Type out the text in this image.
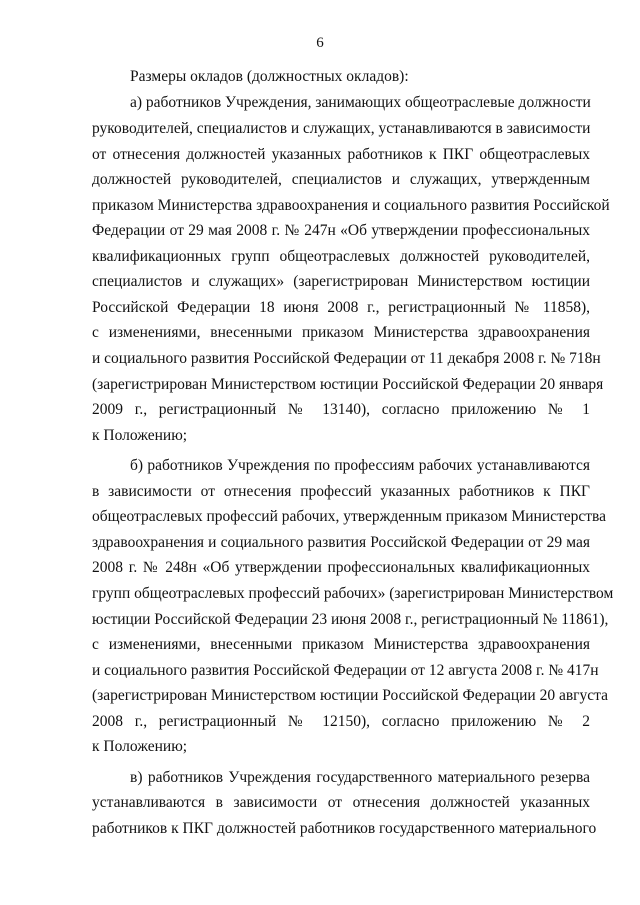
6
Размеры окладов (должностных окладов):
а) работников Учреждения, занимающих общеотраслевые должности
руководителей, специалистов и служащих, устанавливаются в зависимости
от отнесения должностей указанных работников к ПКГ общеотраслевых
должностей руководителей, специалистов и служащих, утвержденным
приказом Министерства здравоохранения и социального развития Российской
Федерации от 29 мая 2008 г. № 247н «Об утверждении профессиональных
квалификационных групп общеотраслевых должностей руководителей,
специалистов и служащих» (зарегистрирован Министерством юстиции
Российской Федерации 18 июня 2008 г., регистрационный № 11858),
с изменениями, внесенными приказом Министерства здравоохранения
и социального развития Российской Федерации от 11 декабря 2008 г. № 718н
(зарегистрирован Министерством юстиции Российской Федерации 20 января
2009 г., регистрационный № 13140), согласно приложению № 1
к Положению;
б) работников Учреждения по профессиям рабочих устанавливаются
в зависимости от отнесения профессий указанных работников к ПКГ
общеотраслевых профессий рабочих, утвержденным приказом Министерства
здравоохранения и социального развития Российской Федерации от 29 мая
2008 г. № 248н «Об утверждении профессиональных квалификационных
групп общеотраслевых профессий рабочих» (зарегистрирован Министерством
юстиции Российской Федерации 23 июня 2008 г., регистрационный № 11861),
с изменениями, внесенными приказом Министерства здравоохранения
и социального развития Российской Федерации от 12 августа 2008 г. № 417н
(зарегистрирован Министерством юстиции Российской Федерации 20 августа
2008 г., регистрационный № 12150), согласно приложению № 2
к Положению;
в) работников Учреждения государственного материального резерва
устанавливаются в зависимости от отнесения должностей указанных
работников к ПКГ должностей работников государственного материального
